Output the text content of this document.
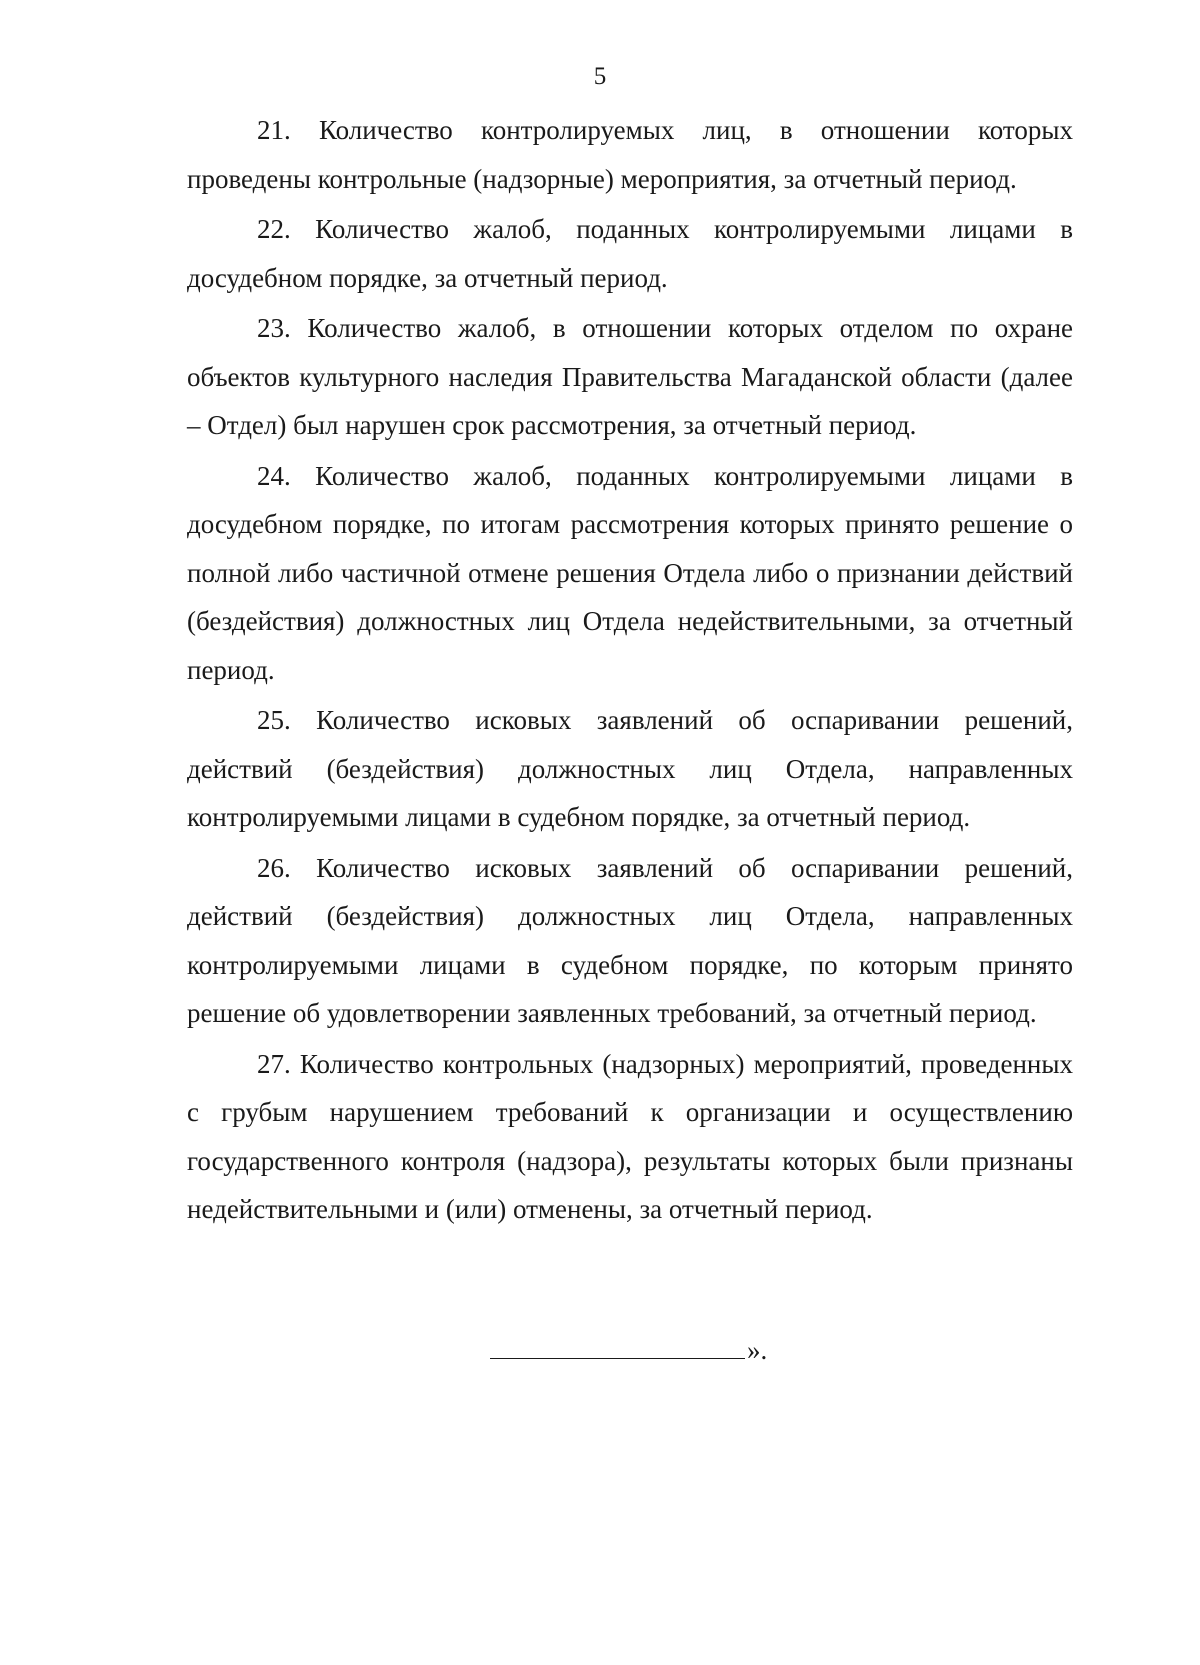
5

21. Количество контролируемых лиц, в отношении которых проведены контрольные (надзорные) мероприятия, за отчетный период.

22. Количество жалоб, поданных контролируемыми лицами в досудебном порядке, за отчетный период.

23. Количество жалоб, в отношении которых отделом по охране объектов культурного наследия Правительства Магаданской области (далее – Отдел) был нарушен срок рассмотрения, за отчетный период.

24. Количество жалоб, поданных контролируемыми лицами в досудебном порядке, по итогам рассмотрения которых принято решение о полной либо частичной отмене решения Отдела либо о признании действий (бездействия) должностных лиц Отдела недействительными, за отчетный период.

25. Количество исковых заявлений об оспаривании решений, действий (бездействия) должностных лиц Отдела, направленных контролируемыми лицами в судебном порядке, за отчетный период.

26. Количество исковых заявлений об оспаривании решений, действий (бездействия) должностных лиц Отдела, направленных контролируемыми лицами в судебном порядке, по которым принято решение об удовлетворении заявленных требований, за отчетный период.

27. Количество контрольных (надзорных) мероприятий, проведенных с грубым нарушением требований к организации и осуществлению государственного контроля (надзора), результаты которых были признаны недействительными и (или) отменены, за отчетный период.

».
